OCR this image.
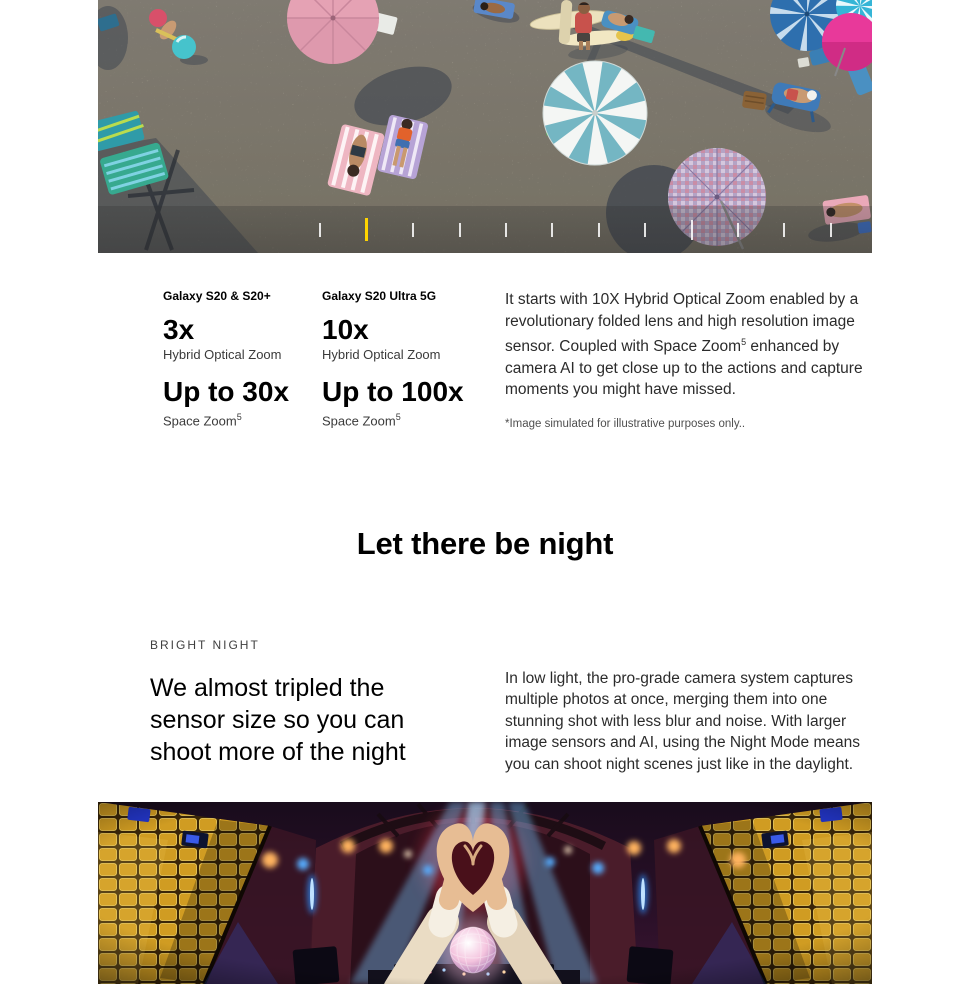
Galaxy S20 & S20+
3x
Hybrid Optical Zoom
Up to 30x
Space Zoom$^5$
Galaxy S20 Ultra 5G
10x
Hybrid Optical Zoom
Up to 100x
Space Zoom$^5$

It starts with 10X Hybrid Optical Zoom enabled by a revolutionary folded lens and high resolution image sensor. Coupled with Space Zoom$^5$ enhanced by camera AI to get close up to the actions and capture moments you might have missed.

*Image simulated for illustrative purposes only..

Let there be night
BRIGHT NIGHT
We almost tripled the sensor size so you can shoot more of the night

In low light, the pro-grade camera system captures multiple photos at once, merging them into one stunning shot with less blur and noise. With larger image sensors and AI, using the Night Mode means you can shoot night scenes just like in the daylight.
